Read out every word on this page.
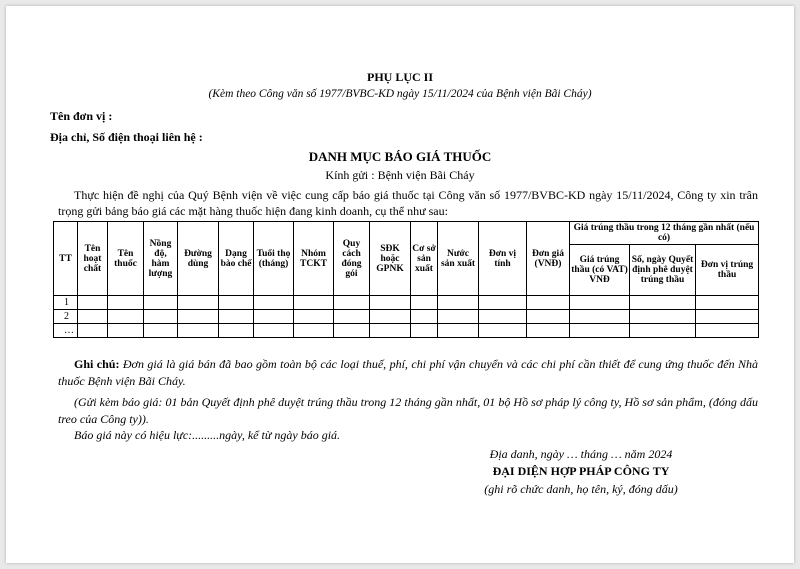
PHỤ LỤC II
(Kèm theo Công văn số 1977/BVBC-KD ngày 15/11/2024 của Bệnh viện Bãi Cháy)
Tên đơn vị :
Địa chỉ, Số điện thoại liên hệ :
DANH MỤC BÁO GIÁ THUỐC
Kính gửi : Bệnh viện Bãi Cháy
Thực hiện đề nghị của Quý Bệnh viện về việc cung cấp báo giá thuốc tại Công văn số 1977/BVBC-KD ngày 15/11/2024, Công ty xin trân trọng gửi bảng báo giá các mặt hàng thuốc hiện đang kinh doanh, cụ thể như sau:
TT	Tên hoạt chất	Tên thuốc	Nồng độ, hàm lượng	Đường dùng	Dạng bào chế	Tuổi thọ (tháng)	Nhóm TCKT	Quy cách đóng gói	SĐK hoặc GPNK	Cơ sở sản xuất	Nước sản xuất	Đơn vị tính	Đơn giá (VNĐ)	Giá trúng thầu trong 12 tháng gần nhất (nếu có)		
														Giá trúng thầu (có VAT) VNĐ	Số, ngày Quyết định phê duyệt trúng thầu	Đơn vị trúng thầu
1																
2																
…																
Ghi chú: Đơn giá là giá bán đã bao gồm toàn bộ các loại thuế, phí, chi phí vận chuyển và các chi phí cần thiết để cung ứng thuốc đến Nhà thuốc Bệnh viện Bãi Cháy.
(Gửi kèm báo giá: 01 bản Quyết định phê duyệt trúng thầu trong 12 tháng gần nhất, 01 bộ Hồ sơ pháp lý công ty, Hồ sơ sản phẩm, (đóng dấu treo của Công ty)).
Báo giá này có hiệu lực:.........ngày, kể từ ngày báo giá.
Địa danh, ngày … tháng … năm 2024
ĐẠI DIỆN HỢP PHÁP CÔNG TY
(ghi rõ chức danh, họ tên, ký, đóng dấu)
